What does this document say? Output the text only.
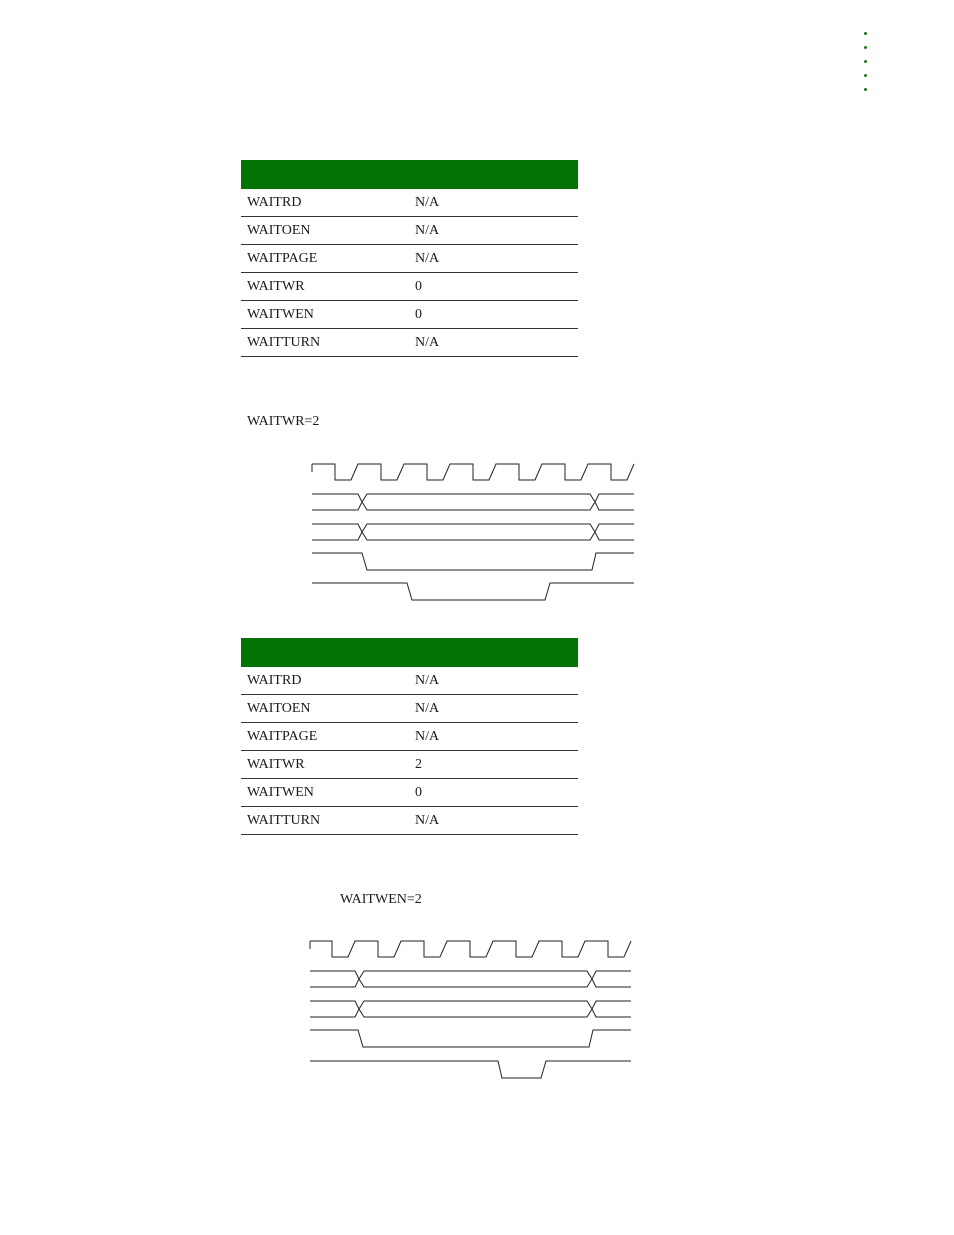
WAITRD	N/A
WAITOEN	N/A
WAITPAGE	N/A
WAITWR	0
WAITWEN	0
WAITTURN	N/A
WAITWR=2

WAITRD	N/A
WAITOEN	N/A
WAITPAGE	N/A
WAITWR	2
WAITWEN	0
WAITTURN	N/A
WAITWEN=2
